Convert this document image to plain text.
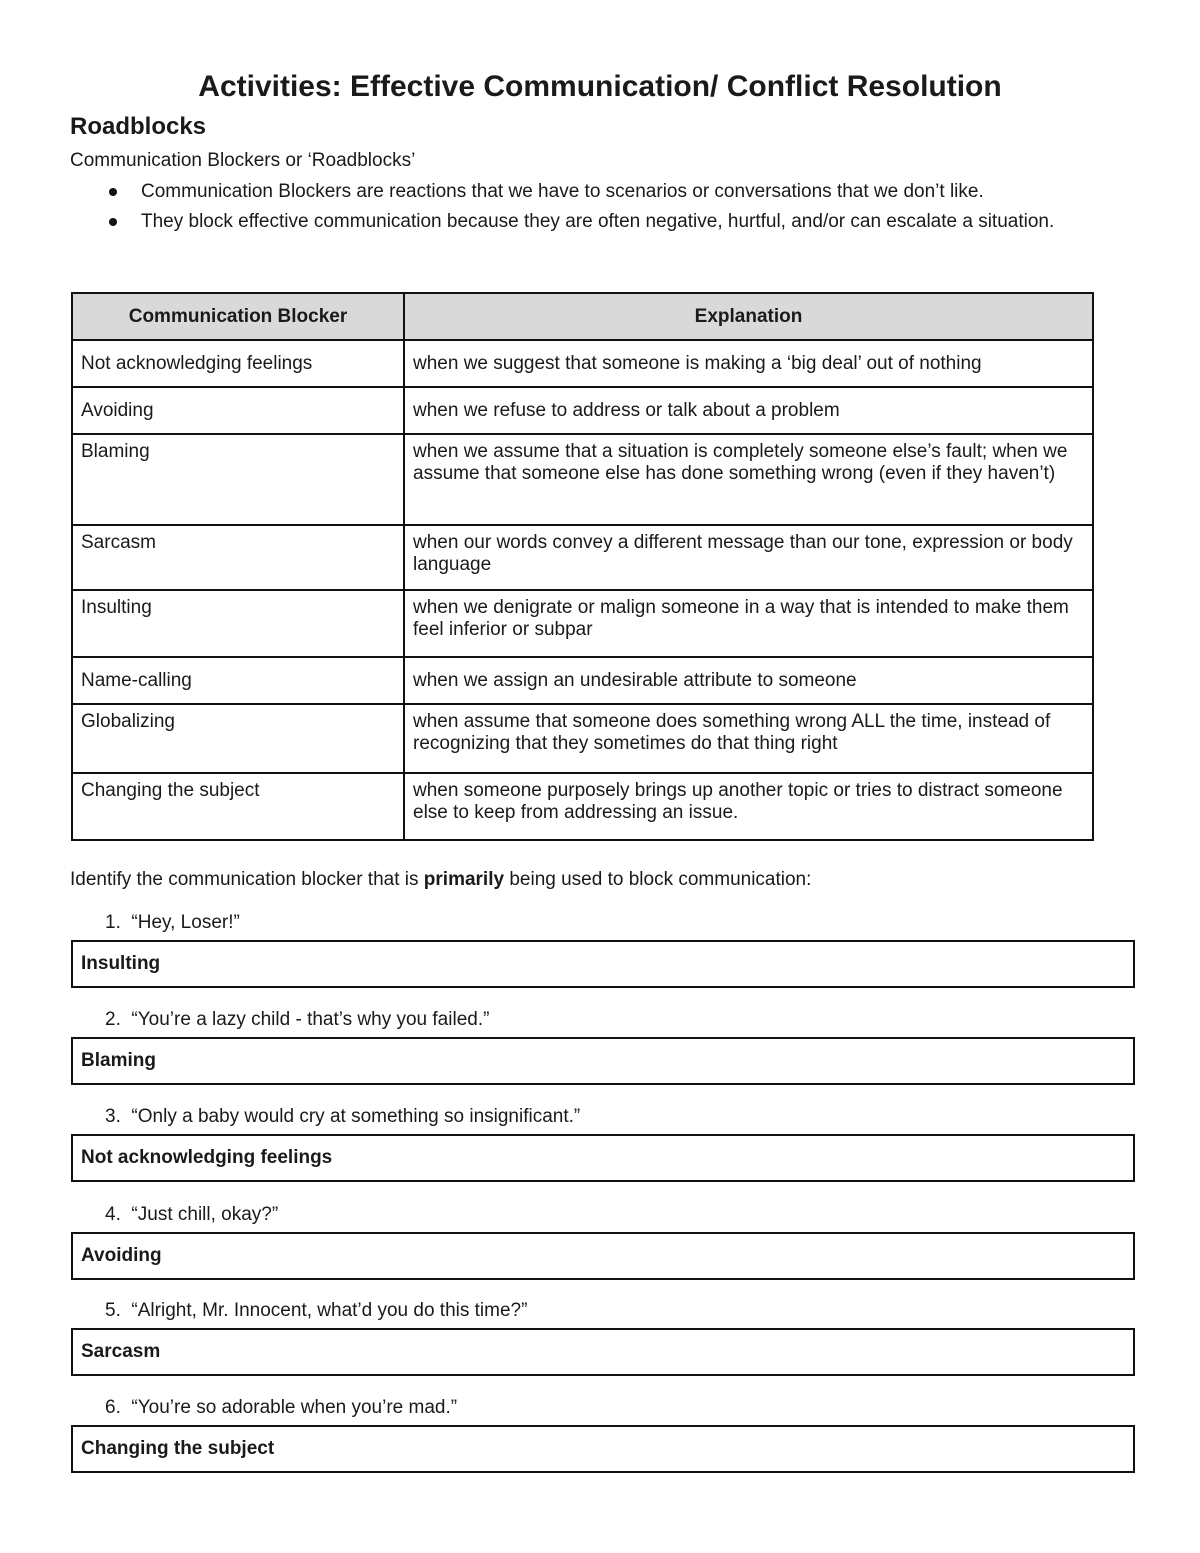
Activities: Effective Communication/ Conflict Resolution
Roadblocks
Communication Blockers or ‘Roadblocks’
Communication Blockers are reactions that we have to scenarios or conversations that we don’t like.
They block effective communication because they are often negative, hurtful, and/or can escalate a situation.
Communication Blocker	Explanation
Not acknowledging feelings	when we suggest that someone is making a ‘big deal’ out of nothing
Avoiding	when we refuse to address or talk about a problem
Blaming	when we assume that a situation is completely someone else’s fault; when we assume that someone else has done something wrong (even if they haven’t)
Sarcasm	when our words convey a different message than our tone, expression or body language
Insulting	when we denigrate or malign someone in a way that is intended to make them feel inferior or subpar
Name-calling	when we assign an undesirable attribute to someone
Globalizing	when assume that someone does something wrong ALL the time, instead of recognizing that they sometimes do that thing right
Changing the subject	when someone purposely brings up another topic or tries to distract someone else to keep from addressing an issue.
Identify the communication blocker that is primarily being used to block communication:
1. “Hey, Loser!”
Insulting
2. “You’re a lazy child - that’s why you failed.”
Blaming
3. “Only a baby would cry at something so insignificant.”
Not acknowledging feelings
4. “Just chill, okay?”
Avoiding
5. “Alright, Mr. Innocent, what’d you do this time?”
Sarcasm
6. “You’re so adorable when you’re mad.”
Changing the subject
